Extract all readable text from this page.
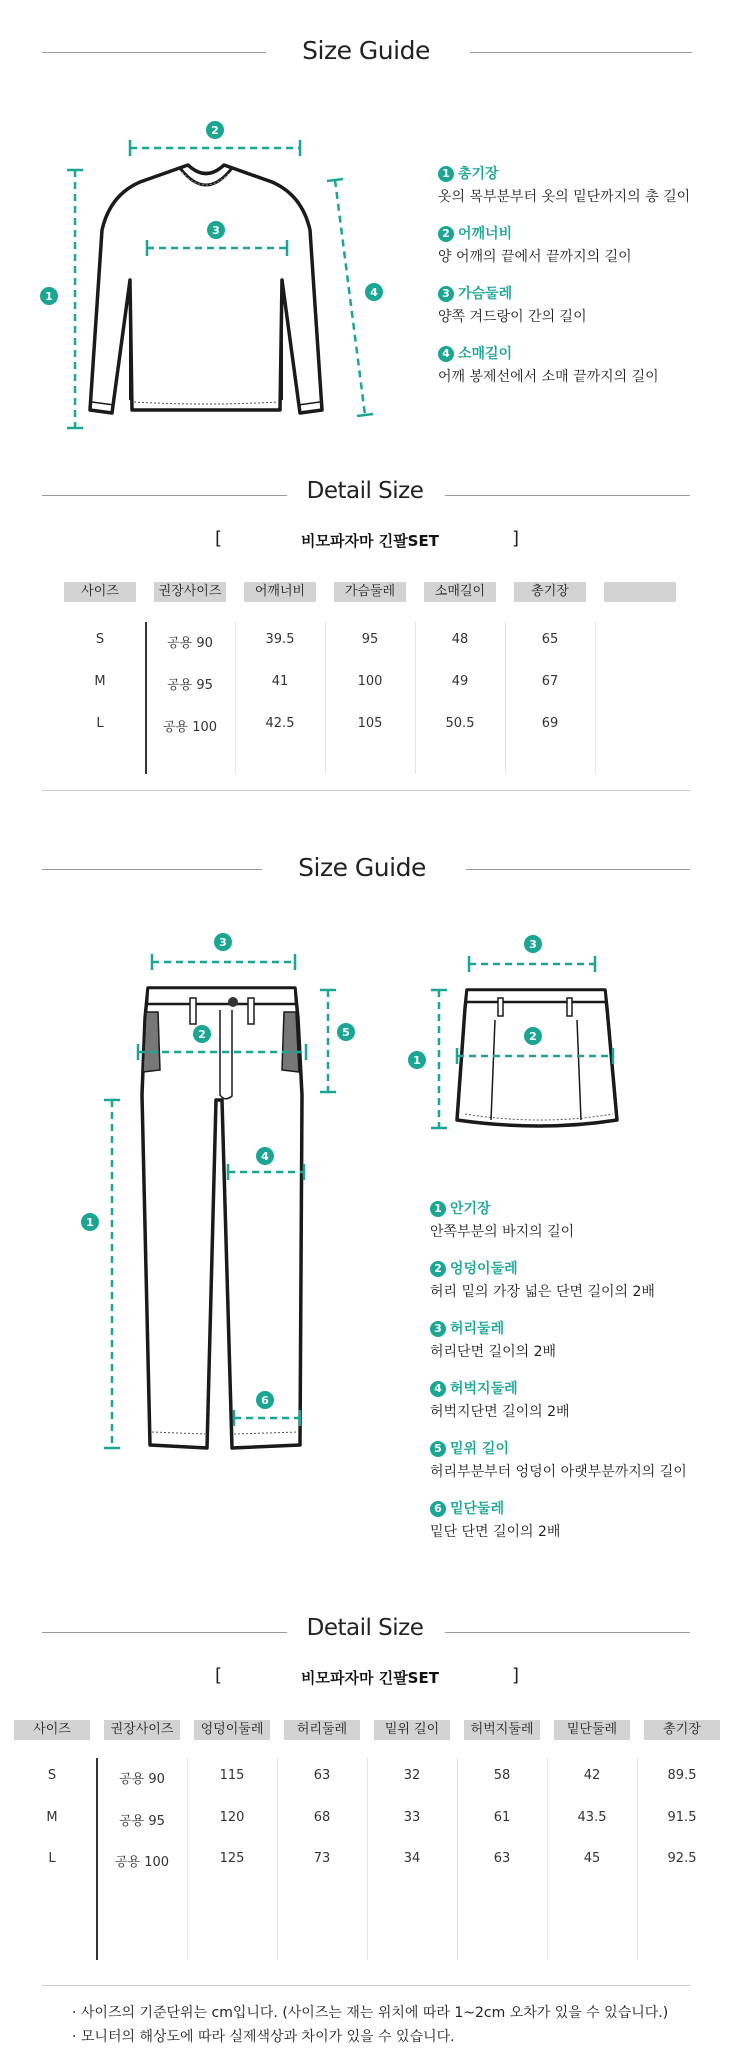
Size Guide
2
3
1	4
1 총기장
옷의 목부분부터 옷의 밑단까지의 총 길이
2 어깨너비
양 어깨의 끝에서 끝까지의 길이
3 가슴둘레
양쪽 겨드랑이 간의 길이
4 소매길이
어깨 봉제선에서 소매 끝까지의 길이
Detail Size
[	비모파자마 긴팔SET	]
사이즈	권장사이즈	어깨너비	가슴둘레	소매길이	총기장
S	공용 90	39.5	95	48	65
M	공용 95	41	100	49	67
L	공용 100	42.5	105	50.5	69
Size Guide
3
2	5
1
4
6
3
2
1
1 안기장
안쪽부분의 바지의 길이
2 엉덩이둘레
허리 밑의 가장 넓은 단면 길이의 2배
3 허리둘레
허리단면 길이의 2배
4 허벅지둘레
허벅지단면 길이의 2배
5 밑위 길이
허리부분부터 엉덩이 아랫부분까지의 길이
6 밑단둘레
밑단 단면 길이의 2배
Detail Size
[	비모파자마 긴팔SET	]
사이즈	권장사이즈	엉덩이둘레	허리둘레	밑위 길이	허벅지둘레	밑단둘레	총기장
S	공용 90	115	63	32	58	42	89.5
M	공용 95	120	68	33	61	43.5	91.5
L	공용 100	125	73	34	63	45	92.5
· 사이즈의 기준단위는 cm입니다. (사이즈는 재는 위치에 따라 1~2cm 오차가 있을 수 있습니다.)
· 모니터의 해상도에 따라 실제색상과 차이가 있을 수 있습니다.
